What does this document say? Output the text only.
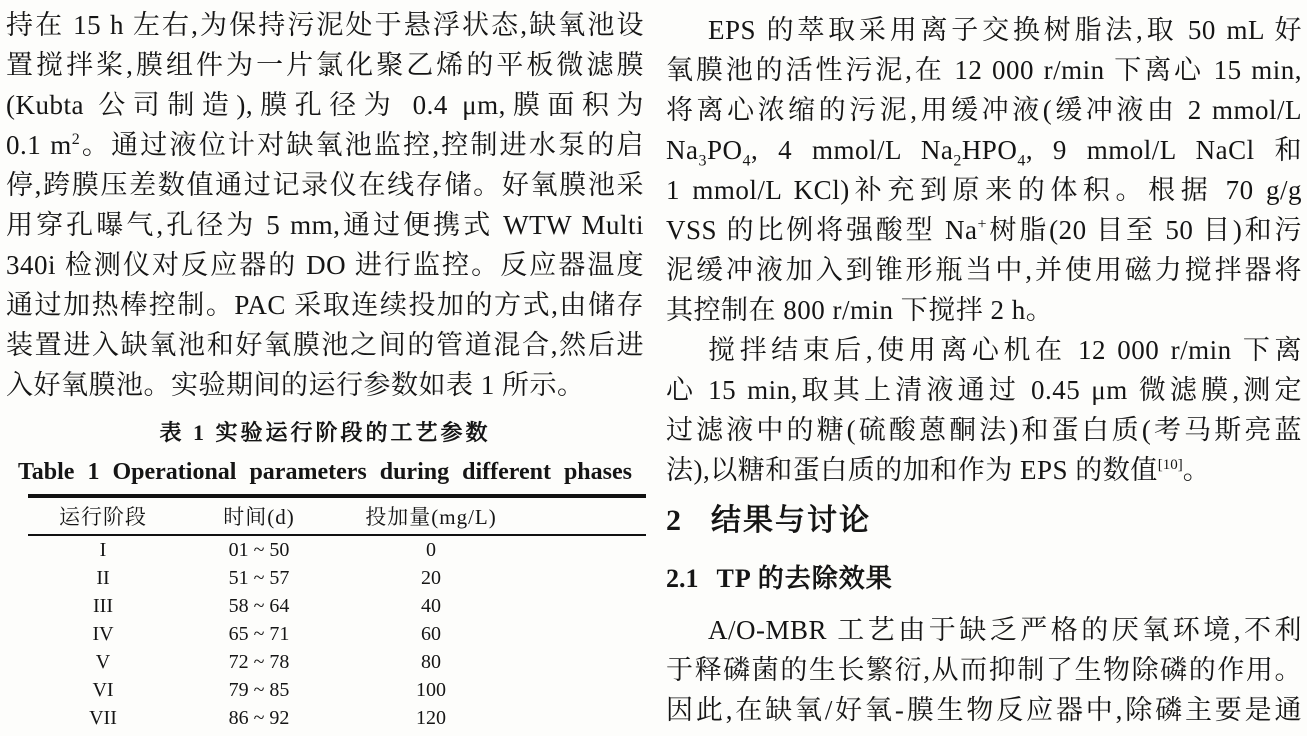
持在 15 h 左右,为保持污泥处于悬浮状态,缺氧池设
置搅拌桨,膜组件为一片氯化聚乙烯的平板微滤膜
(Kubta 公司制造),膜孔径为 0.4 μm,膜面积为
0.1 $m^2$。通过液位计对缺氧池监控,控制进水泵的启
停,跨膜压差数值通过记录仪在线存储。好氧膜池采
用穿孔曝气,孔径为 5 mm,通过便携式 WTW Multi
340i 检测仪对反应器的 DO 进行监控。反应器温度
通过加热棒控制。PAC 采取连续投加的方式,由储存
装置进入缺氧池和好氧膜池之间的管道混合,然后进
入好氧膜池。实验期间的运行参数如表 1 所示。
表 1 实验运行阶段的工艺参数
Table 1 Operational parameters during different phases
运行阶段	时间(d)	投加量(mg/L)	
I	01 ~ 50	0	
II	51 ~ 57	20	
III	58 ~ 64	40	
IV	65 ~ 71	60	
V	72 ~ 78	80	
VI	79 ~ 85	100	
VII	86 ~ 92	120	
EPS 的萃取采用离子交换树脂法,取 50 mL 好
氧膜池的活性污泥,在 12 000 r/min 下离心 15 min,
将离心浓缩的污泥,用缓冲液(缓冲液由 2 mmol/L
$Na_3PO_4$, 4 mmol/L $Na_2HPO_4$, 9 mmol/L NaCl 和
1 mmol/L KCl)补充到原来的体积。根据 70 g/g
VSS 的比例将强酸型 Na+树脂(20 目至 50 目)和污
泥缓冲液加入到锥形瓶当中,并使用磁力搅拌器将
其控制在 800 r/min 下搅拌 2 h。
搅拌结束后,使用离心机在 12 000 r/min 下离
心 15 min,取其上清液通过 0.45 μm 微滤膜,测定
过滤液中的糖(硫酸蒽酮法)和蛋白质(考马斯亮蓝
法),以糖和蛋白质的加和作为 EPS 的数值[10]。
2 结果与讨论
2.1 TP 的去除效果
A/O-MBR 工艺由于缺乏严格的厌氧环境,不利
于释磷菌的生长繁衍,从而抑制了生物除磷的作用。
因此,在缺氧/好氧-膜生物反应器中,除磷主要是通
